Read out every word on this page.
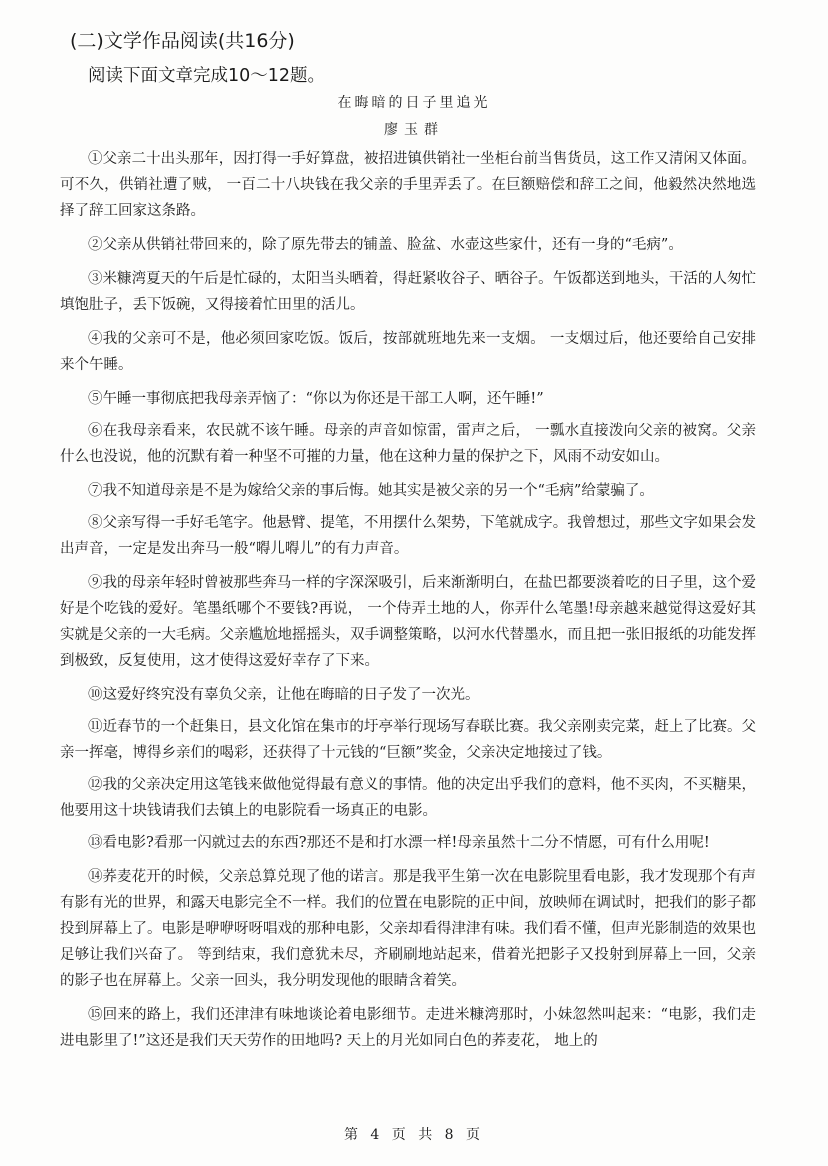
(二)文学作品阅读(共16分)
阅读下面文章完成10～12题。
在晦暗的日子里追光
廖玉群

①父亲二十出头那年，因打得一手好算盘，被招进镇供销社一坐柜台前当售货员，这工作又清闲又体面。可不久，供销社遭了贼， 一百二十八块钱在我父亲的手里弄丢了。在巨额赔偿和辞工之间，他毅然决然地选择了辞工回家这条路。

②父亲从供销社带回来的，除了原先带去的铺盖、脸盆、水壶这些家什，还有一身的“毛病”。

③米糠湾夏天的午后是忙碌的，太阳当头晒着，得赶紧收谷子、晒谷子。午饭都送到地头，干活的人匆忙填饱肚子，丢下饭碗，又得接着忙田里的活儿。

④我的父亲可不是，他必须回家吃饭。饭后，按部就班地先来一支烟。 一支烟过后，他还要给自己安排来个午睡。

⑤午睡一事彻底把我母亲弄恼了：“你以为你还是干部工人啊，还午睡!”

⑥在我母亲看来，农民就不该午睡。母亲的声音如惊雷，雷声之后， 一瓢水直接泼向父亲的被窝。父亲什么也没说，他的沉默有着一种坚不可摧的力量，他在这种力量的保护之下，风雨不动安如山。

⑦我不知道母亲是不是为嫁给父亲的事后悔。她其实是被父亲的另一个“毛病”给蒙骗了。

⑧父亲写得一手好毛笔字。他悬臂、提笔，不用摆什么架势，下笔就成字。我曾想过，那些文字如果会发出声音，一定是发出奔马一般“嘚儿嘚儿”的有力声音。

⑨我的母亲年轻时曾被那些奔马一样的字深深吸引，后来渐渐明白，在盐巴都要淡着吃的日子里，这个爱好是个吃钱的爱好。笔墨纸哪个不要钱?再说， 一个侍弄土地的人，你弄什么笔墨!母亲越来越觉得这爱好其实就是父亲的一大毛病。父亲尴尬地摇摇头，双手调整策略，以河水代替墨水，而且把一张旧报纸的功能发挥到极致，反复使用，这才使得这爱好幸存了下来。

⑩这爱好终究没有辜负父亲，让他在晦暗的日子发了一次光。

⑪近春节的一个赶集日，县文化馆在集市的圩亭举行现场写春联比赛。我父亲刚卖完菜，赶上了比赛。父亲一挥毫，博得乡亲们的喝彩，还获得了十元钱的“巨额”奖金，父亲决定地接过了钱。

⑫我的父亲决定用这笔钱来做他觉得最有意义的事情。他的决定出乎我们的意料，他不买肉，不买糖果，他要用这十块钱请我们去镇上的电影院看一场真正的电影。

⑬看电影?看那一闪就过去的东西?那还不是和打水漂一样!母亲虽然十二分不情愿，可有什么用呢!

⑭荞麦花开的时候，父亲总算兑现了他的诺言。那是我平生第一次在电影院里看电影，我才发现那个有声有影有光的世界，和露天电影完全不一样。我们的位置在电影院的正中间，放映师在调试时，把我们的影子都投到屏幕上了。电影是咿咿呀呀唱戏的那种电影，父亲却看得津津有味。我们看不懂，但声光影制造的效果也足够让我们兴奋了。 等到结束，我们意犹未尽，齐刷刷地站起来，借着光把影子又投射到屏幕上一回，父亲的影子也在屏幕上。父亲一回头，我分明发现他的眼睛含着笑。

⑮回来的路上，我们还津津有味地谈论着电影细节。走进米糠湾那时，小妹忽然叫起来：“电影，我们走进电影里了!”这还是我们天天劳作的田地吗? 天上的月光如同白色的荞麦花， 地上的

第 4 页 共 8 页
